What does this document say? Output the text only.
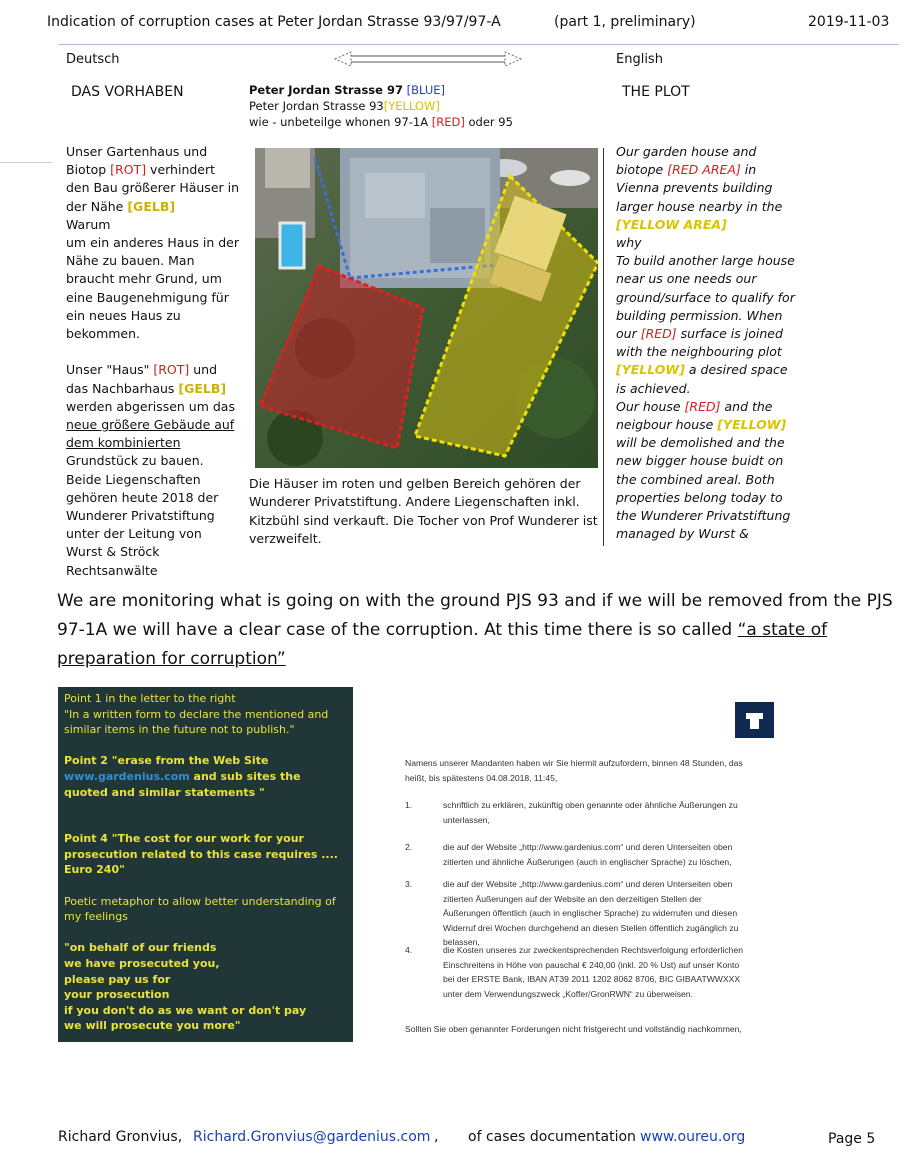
Indication of corruption cases at Peter Jordan Strasse 93/97/97-A	(part 1, preliminary)	2019-11-03
Deutsch	English
DAS VORHABEN	THE PLOT
Peter Jordan Strasse 97 [BLUE]
Peter Jordan Strasse 93[YELLOW]
wie - unbeteilge whonen 97-1A [RED] oder 95
Unser Gartenhaus und Biotop [ROT] verhindert den Bau größerer Häuser in der Nähe [GELB]
Warum
um ein anderes Haus in der Nähe zu bauen. Man braucht mehr Grund, um eine Baugenehmigung für ein neues Haus zu bekommen.

Unser "Haus" [ROT] und das Nachbarhaus [GELB] werden abgerissen um das neue größere Gebäude auf dem kombinierten Grundstück zu bauen. Beide Liegenschaften gehören heute 2018 der Wunderer Privatstiftung unter der Leitung von Wurst & Ströck Rechtsanwälte
Die Häuser im roten und gelben Bereich gehören der Wunderer Privatstiftung. Andere Liegenschaften inkl. Kitzbühl sind verkauft. Die Tocher von Prof Wunderer ist verzweifelt.
Our garden house and biotope [RED AREA] in Vienna prevents building larger house nearby in the [YELLOW AREA]
why
To build another large house near us one needs our ground/surface to qualify for building permission. When our [RED] surface is joined with the neighbouring plot [YELLOW] a desired space is achieved.
Our house [RED] and the neigbour house [YELLOW] will be demolished and the new bigger house buidt on the combined areal. Both properties belong today to the Wunderer Privatstiftung managed by Wurst &
We are monitoring what is going on with the ground PJS 93 and if we will be removed from the PJS 97-1A we will have a clear case of the corruption. At this time there is so called “a state of preparation for corruption”

Point 1 in the letter to the right
"In a written form to declare the mentioned and similar items in the future not to publish."

Point 2 "erase from the Web Site www.gardenius.com and sub sites the quoted and similar statements "

Point 4 "The cost for our work for your prosecution related to this case requires .... Euro 240"

Poetic metaphor to allow better understanding of my feelings

"on behalf of our friends
we have prosecuted you,
please pay us for
your prosecution
if you don't do as we want or don't pay
we will prosecute you more"
Namens unserer Mandanten haben wir Sie hiermit aufzufordern, binnen 48 Stunden, das heißt, bis spätestens 04.08.2018, 11:45,
1.	schriftlich zu erklären, zukünftig oben genannte oder ähnliche Äußerungen zu unterlassen,
2.	die auf der Website „http://www.gardenius.com“ und deren Unterseiten oben zitierten und ähnliche Äußerungen (auch in englischer Sprache) zu löschen,
3.	die auf der Website „http://www.gardenius.com“ und deren Unterseiten oben zitierten Äußerungen auf der Website an den derzeitigen Stellen der Äußerungen öffentlich (auch in englischer Sprache) zu widerrufen und diesen Widerruf drei Wochen durchgehend an diesen Stellen öffentlich zugänglich zu belassen,
4.	die Kosten unseres zur zweckentsprechenden Rechtsverfolgung erforderlichen Einschreitens in Höhe von pauschal € 240,00 (inkl. 20 % Ust) auf unser Konto bei der ERSTE Bank, IBAN AT39 2011 1202 8062 8706, BIC GIBAATWWXXX unter dem Verwendungszweck „Koffer/GronRWN“ zu überweisen.
Sollten Sie oben genannter Forderungen nicht fristgerecht und vollständig nachkommen,
Richard Gronvius, Richard.Gronvius@gardenius.com , of cases documentation www.oureu.org	Page 5
